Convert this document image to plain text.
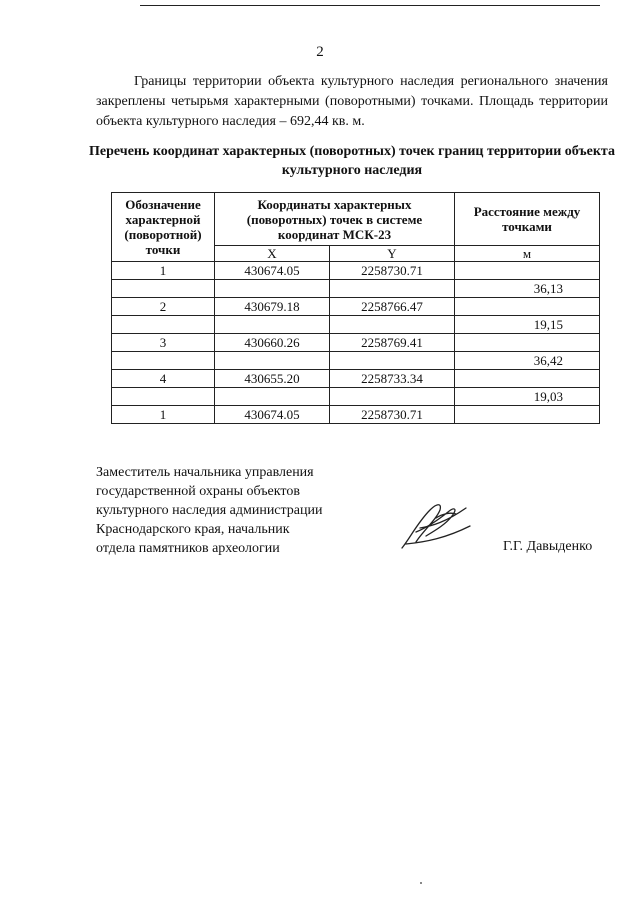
2

Границы территории объекта культурного наследия регионального значения закреплены четырьмя характерными (поворотными) точками. Площадь территории объекта культурного наследия – 692,44 кв. м.

Перечень координат характерных (поворотных) точек границ территории объекта культурного наследия
Обозначение характерной (поворотной) точки	Координаты характерных (поворотных) точек в системе координат МСК-23		Расстояние между точками
	X	Y	м
1	430674.05	2258730.71	
			36,13
2	430679.18	2258766.47	
			19,15
3	430660.26	2258769.41	
			36,42
4	430655.20	2258733.34	
			19,03
1	430674.05	2258730.71	
Заместитель начальника управления
государственной охраны объектов
культурного наследия администрации
Краснодарского края, начальник
отдела памятников археологии	Г.Г. Давыденко
